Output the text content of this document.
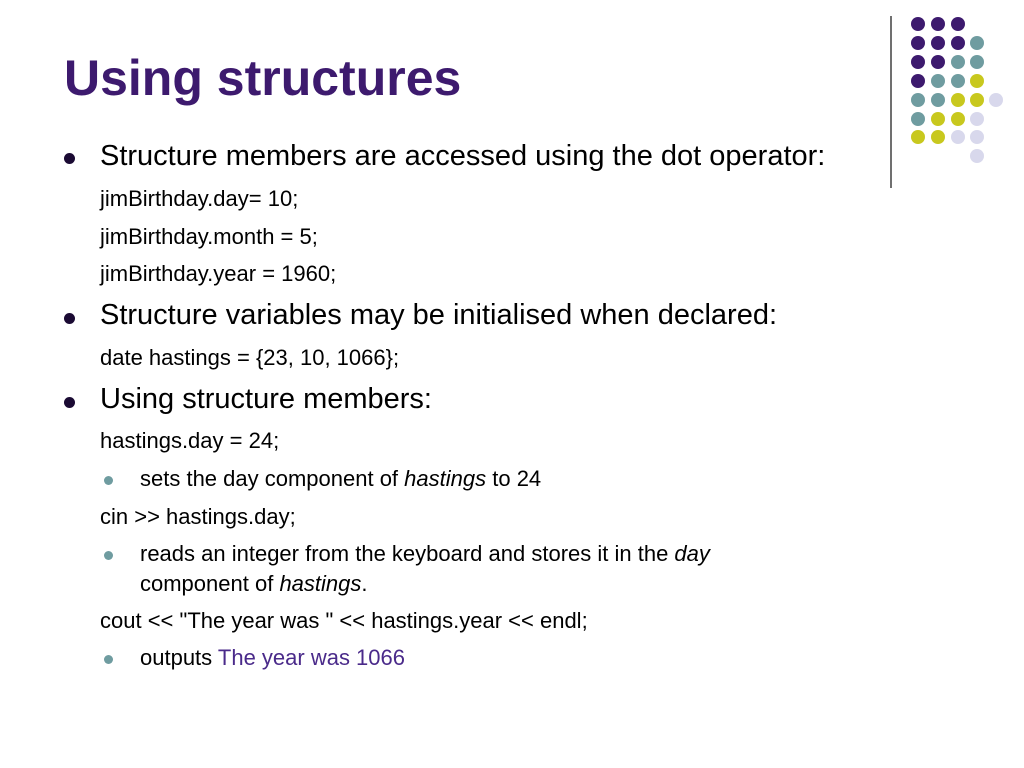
Using structures
Structure members are accessed using the dot operator:
jimBirthday.day= 10;
jimBirthday.month = 5;
jimBirthday.year = 1960;
Structure variables may be initialised when declared:
date hastings = {23, 10, 1066};
Using structure members:
hastings.day = 24;
sets the day component of hastings to 24
cin >> hastings.day;
reads an integer from the keyboard and stores it in the day
component of hastings.
cout << "The year was " << hastings.year << endl;
outputs The year was 1066
